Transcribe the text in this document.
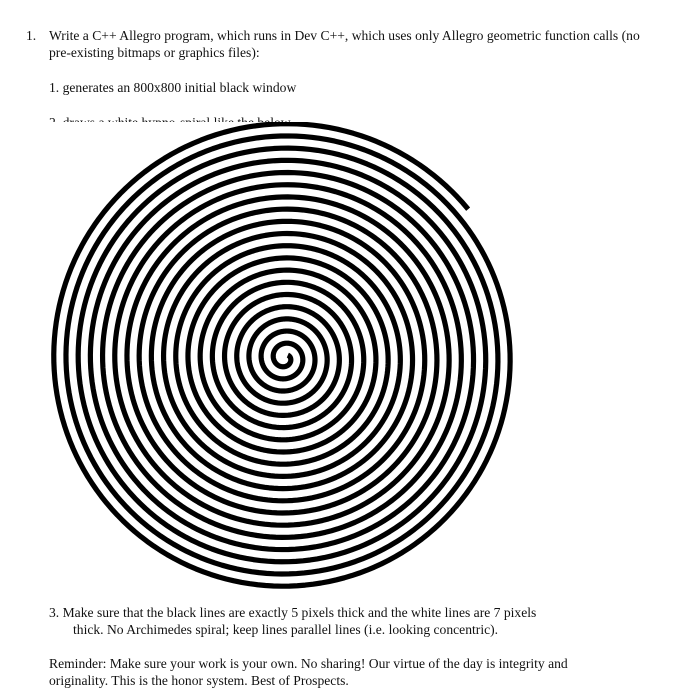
1. Write a C++ Allegro program, which runs in Dev C++, which uses only Allegro geometric function calls (no
pre-existing bitmaps or graphics files):
1. generates an 800x800 initial black window
2. draws a white hypno-spiral like the below
3. Make sure that the black lines are exactly 5 pixels thick and the white lines are 7 pixels
thick. No Archimedes spiral; keep lines parallel lines (i.e. looking concentric).
Reminder: Make sure your work is your own. No sharing! Our virtue of the day is integrity and
originality. This is the honor system. Best of Prospects.
